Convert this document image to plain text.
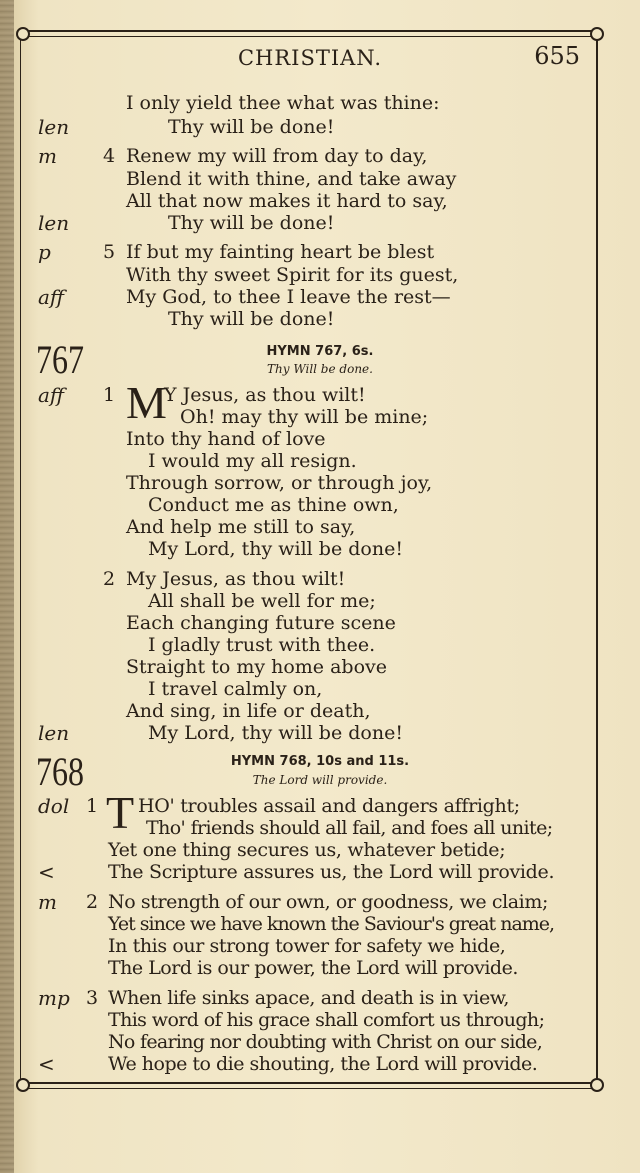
CHRISTIAN.	655
I only yield thee what was thine:
len	Thy will be done!
m 4 Renew my will from day to day,
Blend it with thine, and take away
All that now makes it hard to say,
len	Thy will be done!
p	5 If but my fainting heart be blest
With thy sweet Spirit for its guest,
aff	My God, to thee I leave the rest—
Thy will be done!
767	HYMN 767, 6s.
Thy Will be done.
aff 1 M
Y Jesus, as thou wilt!
Oh! may thy will be mine;
Into thy hand of love
I would my all resign.
Through sorrow, or through joy,
Conduct me as thine own,
And help me still to say,
My Lord, thy will be done!
2 My Jesus, as thou wilt!
All shall be well for me;
Each changing future scene
I gladly trust with thee.
Straight to my home above
I travel calmly on,
And sing, in life or death,
len	My Lord, thy will be done!
768	HYMN 768, 10s and 11s.
The Lord will provide.
dol 1 T HO' troubles assail and dangers affright;
Tho' friends should all fail, and foes all unite;
Yet one thing secures us, whatever betide;
<	The Scripture assures us, the Lord will provide.
m 2 No strength of our own, or goodness, we claim;
Yet since we have known the Saviour's great name,
In this our strong tower for safety we hide,
The Lord is our power, the Lord will provide.
mp 3 When life sinks apace, and death is in view,
This word of his grace shall comfort us through;
No fearing nor doubting with Christ on our side,
<	We hope to die shouting, the Lord will provide.
